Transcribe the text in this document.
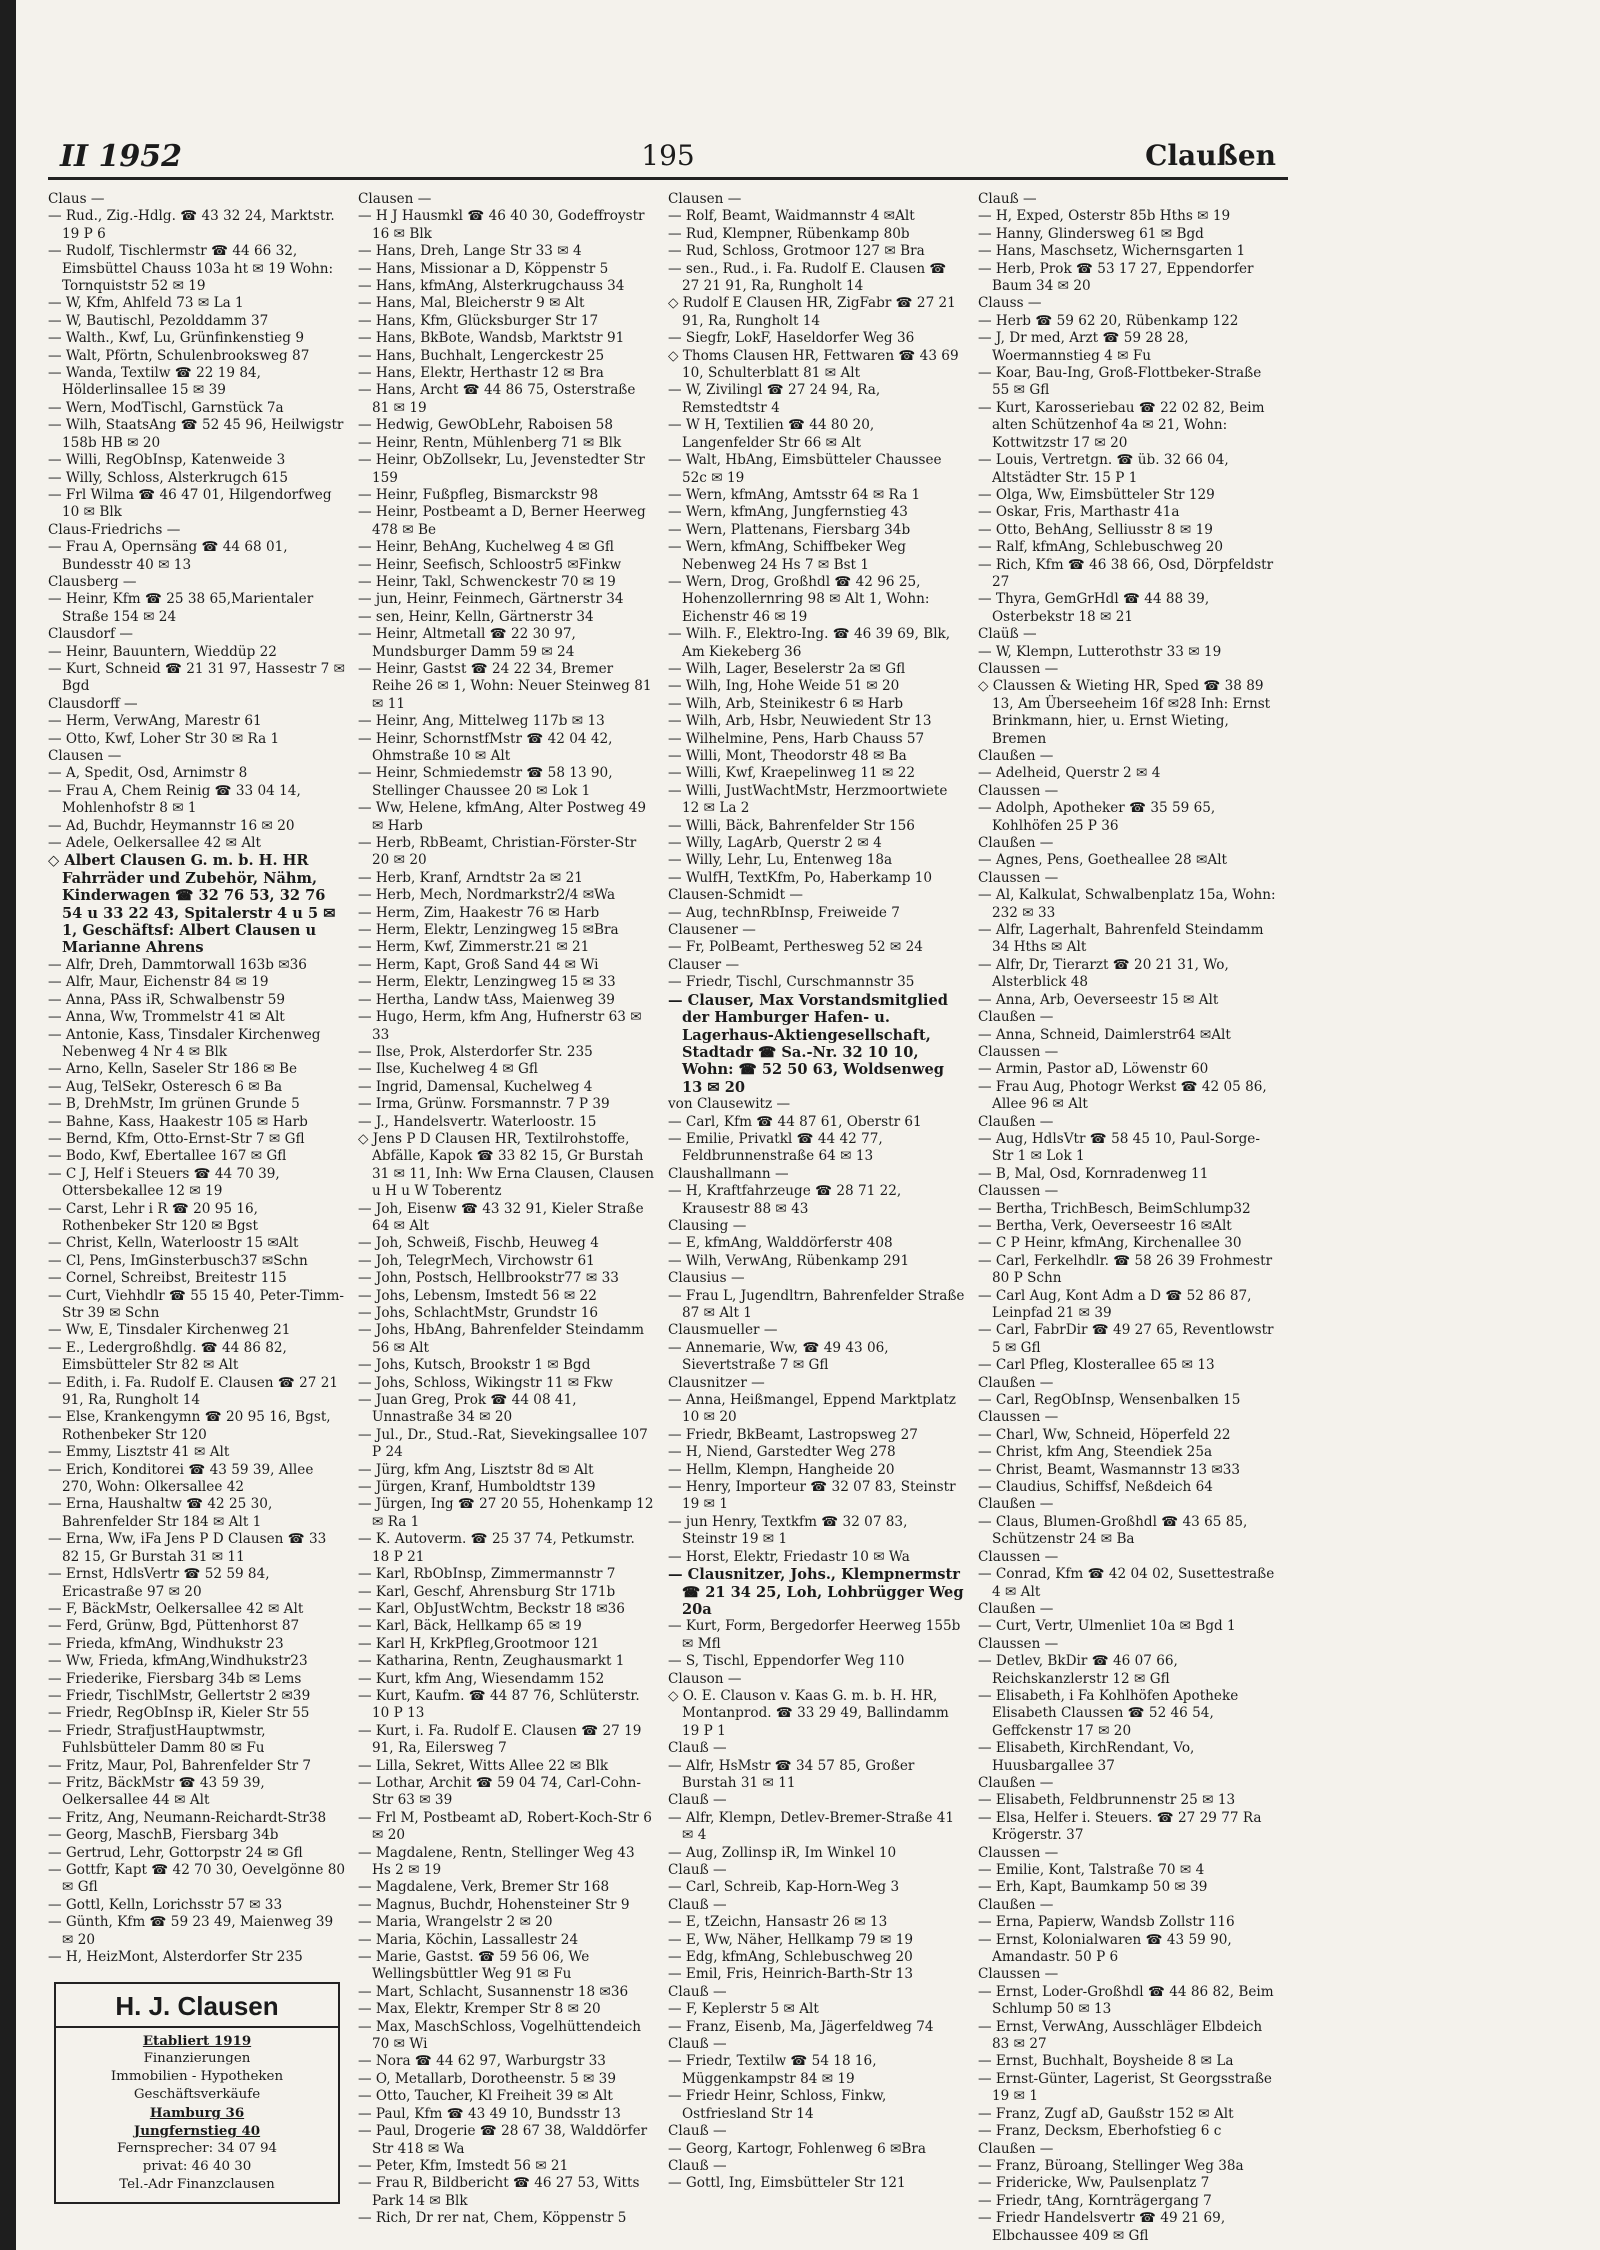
II 1952	195	Claußen
Claus —
— Rud., Zig.-Hdlg. ☎ 43 32 24, Marktstr. 19 P 6
— Rudolf, Tischlermstr ☎ 44 66 32, Eimsbüttel Chauss 103a ht ✉ 19 Wohn: Tornquiststr 52 ✉ 19
— W, Kfm, Ahlfeld 73 ✉ La 1
— W, Bautischl, Pezolddamm 37
— Walth., Kwf, Lu, Grünfinkenstieg 9
— Walt, Pförtn, Schulenbrooksweg 87
— Wanda, Textilw ☎ 22 19 84, Hölderlinsallee 15 ✉ 39
— Wern, ModTischl, Garnstück 7a
— Wilh, StaatsAng ☎ 52 45 96, Heilwigstr 158b HB ✉ 20
— Willi, RegObInsp, Katenweide 3
— Willy, Schloss, Alsterkrugch 615
— Frl Wilma ☎ 46 47 01, Hilgendorfweg 10 ✉ Blk
Claus-Friedrichs —
— Frau A, Opernsäng ☎ 44 68 01, Bundesstr 40 ✉ 13
Clausberg —
— Heinr, Kfm ☎ 25 38 65,Marientaler Straße 154 ✉ 24
Clausdorf —
— Heinr, Bauuntern, Wieddüp 22
— Kurt, Schneid ☎ 21 31 97, Hassestr 7 ✉ Bgd
Clausdorff —
— Herm, VerwAng, Marestr 61
— Otto, Kwf, Loher Str 30 ✉ Ra 1
Clausen —
— A, Spedit, Osd, Arnimstr 8
— Frau A, Chem Reinig ☎ 33 04 14, Mohlenhofstr 8 ✉ 1
— Ad, Buchdr, Heymannstr 16 ✉ 20
— Adele, Oelkersallee 42 ✉ Alt
◇ Albert Clausen G. m. b. H. HR Fahrräder und Zubehör, Nähm, Kinderwagen ☎ 32 76 53, 32 76 54 u 33 22 43, Spitalerstr 4 u 5 ✉ 1, Geschäftsf: Albert Clausen u Marianne Ahrens
— Alfr, Dreh, Dammtorwall 163b ✉36
— Alfr, Maur, Eichenstr 84 ✉ 19
— Anna, PAss iR, Schwalbenstr 59
— Anna, Ww, Trommelstr 41 ✉ Alt
— Antonie, Kass, Tinsdaler Kirchenweg Nebenweg 4 Nr 4 ✉ Blk
— Arno, Kelln, Saseler Str 186 ✉ Be
— Aug, TelSekr, Osteresch 6 ✉ Ba
— B, DrehMstr, Im grünen Grunde 5
— Bahne, Kass, Haakestr 105 ✉ Harb
— Bernd, Kfm, Otto-Ernst-Str 7 ✉ Gfl
— Bodo, Kwf, Ebertallee 167 ✉ Gfl
— C J, Helf i Steuers ☎ 44 70 39, Ottersbekallee 12 ✉ 19
— Carst, Lehr i R ☎ 20 95 16, Rothenbeker Str 120 ✉ Bgst
— Christ, Kelln, Waterloostr 15 ✉Alt
— Cl, Pens, ImGinsterbusch37 ✉Schn
— Cornel, Schreibst, Breitestr 115
— Curt, Viehhdlr ☎ 55 15 40, Peter-Timm-Str 39 ✉ Schn
— Ww, E, Tinsdaler Kirchenweg 21
— E., Ledergroßhdlg. ☎ 44 86 82, Eimsbütteler Str 82 ✉ Alt
— Edith, i. Fa. Rudolf E. Clausen ☎ 27 21 91, Ra, Rungholt 14
— Else, Krankengymn ☎ 20 95 16, Bgst, Rothenbeker Str 120
— Emmy, Lisztstr 41 ✉ Alt
— Erich, Konditorei ☎ 43 59 39, Allee 270, Wohn: Olkersallee 42
— Erna, Haushaltw ☎ 42 25 30, Bahrenfelder Str 184 ✉ Alt 1
— Erna, Ww, iFa Jens P D Clausen ☎ 33 82 15, Gr Burstah 31 ✉ 11
— Ernst, HdlsVertr ☎ 52 59 84, Ericastraße 97 ✉ 20
— F, BäckMstr, Oelkersallee 42 ✉ Alt
— Ferd, Grünw, Bgd, Püttenhorst 87
— Frieda, kfmAng, Windhukstr 23
— Ww, Frieda, kfmAng,Windhukstr23
— Friederike, Fiersbarg 34b ✉ Lems
— Friedr, TischlMstr, Gellertstr 2 ✉39
— Friedr, RegObInsp iR, Kieler Str 55
— Friedr, StrafjustHauptwmstr, Fuhlsbütteler Damm 80 ✉ Fu
— Fritz, Maur, Pol, Bahrenfelder Str 7
— Fritz, BäckMstr ☎ 43 59 39, Oelkersallee 44 ✉ Alt
— Fritz, Ang, Neumann-Reichardt-Str38
— Georg, MaschB, Fiersbarg 34b
— Gertrud, Lehr, Gottorpstr 24 ✉ Gfl
— Gottfr, Kapt ☎ 42 70 30, Oevelgönne 80 ✉ Gfl
— Gottl, Kelln, Lorichsstr 57 ✉ 33
— Günth, Kfm ☎ 59 23 49, Maienweg 39 ✉ 20
— H, HeizMont, Alsterdorfer Str 235
H. J. Clausen
Etabliert 1919
Finanzierungen
Immobilien - Hypotheken
Geschäftsverkäufe
Hamburg 36
Jungfernstieg 40
Fernsprecher: 34 07 94
privat: 46 40 30
Tel.-Adr Finanzclausen
Clausen —
— H J Hausmkl ☎ 46 40 30, Godeffroystr 16 ✉ Blk
— Hans, Dreh, Lange Str 33 ✉ 4
— Hans, Missionar a D, Köppenstr 5
— Hans, kfmAng, Alsterkrugchauss 34
— Hans, Mal, Bleicherstr 9 ✉ Alt
— Hans, Kfm, Glücksburger Str 17
— Hans, BkBote, Wandsb, Marktstr 91
— Hans, Buchhalt, Lengerckestr 25
— Hans, Elektr, Herthastr 12 ✉ Bra
— Hans, Archt ☎ 44 86 75, Osterstraße 81 ✉ 19
— Hedwig, GewObLehr, Raboisen 58
— Heinr, Rentn, Mühlenberg 71 ✉ Blk
— Heinr, ObZollsekr, Lu, Jevenstedter Str 159
— Heinr, Fußpfleg, Bismarckstr 98
— Heinr, Postbeamt a D, Berner Heerweg 478 ✉ Be
— Heinr, BehAng, Kuchelweg 4 ✉ Gfl
— Heinr, Seefisch, Schloostr5 ✉Finkw
— Heinr, Takl, Schwenckestr 70 ✉ 19
— jun, Heinr, Feinmech, Gärtnerstr 34
— sen, Heinr, Kelln, Gärtnerstr 34
— Heinr, Altmetall ☎ 22 30 97, Mundsburger Damm 59 ✉ 24
— Heinr, Gastst ☎ 24 22 34, Bremer Reihe 26 ✉ 1, Wohn: Neuer Steinweg 81 ✉ 11
— Heinr, Ang, Mittelweg 117b ✉ 13
— Heinr, SchornstfMstr ☎ 42 04 42, Ohmstraße 10 ✉ Alt
— Heinr, Schmiedemstr ☎ 58 13 90, Stellinger Chaussee 20 ✉ Lok 1
— Ww, Helene, kfmAng, Alter Postweg 49 ✉ Harb
— Herb, RbBeamt, Christian-Förster-Str 20 ✉ 20
— Herb, Kranf, Arndtstr 2a ✉ 21
— Herb, Mech, Nordmarkstr2/4 ✉Wa
— Herm, Zim, Haakestr 76 ✉ Harb
— Herm, Elektr, Lenzingweg 15 ✉Bra
— Herm, Kwf, Zimmerstr.21 ✉ 21
— Herm, Kapt, Groß Sand 44 ✉ Wi
— Herm, Elektr, Lenzingweg 15 ✉ 33
— Hertha, Landw tAss, Maienweg 39
— Hugo, Herm, kfm Ang, Hufnerstr 63 ✉ 33
— Ilse, Prok, Alsterdorfer Str. 235
— Ilse, Kuchelweg 4 ✉ Gfl
— Ingrid, Damensal, Kuchelweg 4
— Irma, Grünw. Forsmannstr. 7 P 39
— J., Handelsvertr. Waterloostr. 15
◇ Jens P D Clausen HR, Textilrohstoffe, Abfälle, Kapok ☎ 33 82 15, Gr Burstah 31 ✉ 11, Inh: Ww Erna Clausen, Clausen u H u W Toberentz
— Joh, Eisenw ☎ 43 32 91, Kieler Straße 64 ✉ Alt
— Joh, Schweiß, Fischb, Heuweg 4
— Joh, TelegrMech, Virchowstr 61
— John, Postsch, Hellbrookstr77 ✉ 33
— Johs, Lebensm, Imstedt 56 ✉ 22
— Johs, SchlachtMstr, Grundstr 16
— Johs, HbAng, Bahrenfelder Steindamm 56 ✉ Alt
— Johs, Kutsch, Brookstr 1 ✉ Bgd
— Johs, Schloss, Wikingstr 11 ✉ Fkw
— Juan Greg, Prok ☎ 44 08 41, Unnastraße 34 ✉ 20
— Jul., Dr., Stud.-Rat, Sievekingsallee 107 P 24
— Jürg, kfm Ang, Lisztstr 8d ✉ Alt
— Jürgen, Kranf, Humboldtstr 139
— Jürgen, Ing ☎ 27 20 55, Hohenkamp 12 ✉ Ra 1
— K. Autoverm. ☎ 25 37 74, Petkumstr. 18 P 21
— Karl, RbObInsp, Zimmermannstr 7
— Karl, Geschf, Ahrensburg Str 171b
— Karl, ObJustWchtm, Beckstr 18 ✉36
— Karl, Bäck, Hellkamp 65 ✉ 19
— Karl H, KrkPfleg,Grootmoor 121
— Katharina, Rentn, Zeughausmarkt 1
— Kurt, kfm Ang, Wiesendamm 152
— Kurt, Kaufm. ☎ 44 87 76, Schlüterstr. 10 P 13
— Kurt, i. Fa. Rudolf E. Clausen ☎ 27 19 91, Ra, Eilersweg 7
— Lilla, Sekret, Witts Allee 22 ✉ Blk
— Lothar, Archit ☎ 59 04 74, Carl-Cohn-Str 63 ✉ 39
— Frl M, Postbeamt aD, Robert-Koch-Str 6 ✉ 20
— Magdalene, Rentn, Stellinger Weg 43 Hs 2 ✉ 19
— Magdalene, Verk, Bremer Str 168
— Magnus, Buchdr, Hohensteiner Str 9
— Maria, Wrangelstr 2 ✉ 20
— Maria, Köchin, Lassallestr 24
— Marie, Gastst. ☎ 59 56 06, We Wellingsbüttler Weg 91 ✉ Fu
— Mart, Schlacht, Susannenstr 18 ✉36
— Max, Elektr, Kremper Str 8 ✉ 20
— Max, MaschSchloss, Vogelhüttendeich 70 ✉ Wi
— Nora ☎ 44 62 97, Warburgstr 33
— O, Metallarb, Dorotheenstr. 5 ✉ 39
— Otto, Taucher, Kl Freiheit 39 ✉ Alt
— Paul, Kfm ☎ 43 49 10, Bundsstr 13
— Paul, Drogerie ☎ 28 67 38, Walddörfer Str 418 ✉ Wa
— Peter, Kfm, Imstedt 56 ✉ 21
— Frau R, Bildbericht ☎ 46 27 53, Witts Park 14 ✉ Blk
— Rich, Dr rer nat, Chem, Köppenstr 5
Clausen —
— Rolf, Beamt, Waidmannstr 4 ✉Alt
— Rud, Klempner, Rübenkamp 80b
— Rud, Schloss, Grotmoor 127 ✉ Bra
— sen., Rud., i. Fa. Rudolf E. Clausen ☎ 27 21 91, Ra, Rungholt 14
◇ Rudolf E Clausen HR, ZigFabr ☎ 27 21 91, Ra, Rungholt 14
— Siegfr, LokF, Haseldorfer Weg 36
◇ Thoms Clausen HR, Fettwaren ☎ 43 69 10, Schulterblatt 81 ✉ Alt
— W, Zivilingl ☎ 27 24 94, Ra, Remstedtstr 4
— W H, Textilien ☎ 44 80 20, Langenfelder Str 66 ✉ Alt
— Walt, HbAng, Eimsbütteler Chaussee 52c ✉ 19
— Wern, kfmAng, Amtsstr 64 ✉ Ra 1
— Wern, kfmAng, Jungfernstieg 43
— Wern, Plattenans, Fiersbarg 34b
— Wern, kfmAng, Schiffbeker Weg Nebenweg 24 Hs 7 ✉ Bst 1
— Wern, Drog, Großhdl ☎ 42 96 25, Hohenzollernring 98 ✉ Alt 1, Wohn: Eichenstr 46 ✉ 19
— Wilh. F., Elektro-Ing. ☎ 46 39 69, Blk, Am Kiekeberg 36
— Wilh, Lager, Beselerstr 2a ✉ Gfl
— Wilh, Ing, Hohe Weide 51 ✉ 20
— Wilh, Arb, Steinikestr 6 ✉ Harb
— Wilh, Arb, Hsbr, Neuwiedent Str 13
— Wilhelmine, Pens, Harb Chauss 57
— Willi, Mont, Theodorstr 48 ✉ Ba
— Willi, Kwf, Kraepelinweg 11 ✉ 22
— Willi, JustWachtMstr, Herzmoortwiete 12 ✉ La 2
— Willi, Bäck, Bahrenfelder Str 156
— Willy, LagArb, Querstr 2 ✉ 4
— Willy, Lehr, Lu, Entenweg 18a
— WulfH, TextKfm, Po, Haberkamp 10
Clausen-Schmidt —
— Aug, technRbInsp, Freiweide 7
Clausener —
— Fr, PolBeamt, Perthesweg 52 ✉ 24
Clauser —
— Friedr, Tischl, Curschmannstr 35
— Clauser, Max Vorstandsmitglied der Hamburger Hafen- u. Lagerhaus-Aktiengesellschaft, Stadtadr ☎ Sa.-Nr. 32 10 10, Wohn: ☎ 52 50 63, Woldsenweg 13 ✉ 20
von Clausewitz —
— Carl, Kfm ☎ 44 87 61, Oberstr 61
— Emilie, Privatkl ☎ 44 42 77, Feldbrunnenstraße 64 ✉ 13
Claushallmann —
— H, Kraftfahrzeuge ☎ 28 71 22, Krausestr 88 ✉ 43
Clausing —
— E, kfmAng, Walddörferstr 408
— Wilh, VerwAng, Rübenkamp 291
Clausius —
— Frau L, Jugendltrn, Bahrenfelder Straße 87 ✉ Alt 1
Clausmueller —
— Annemarie, Ww, ☎ 49 43 06, Sievertstraße 7 ✉ Gfl
Clausnitzer —
— Anna, Heißmangel, Eppend Marktplatz 10 ✉ 20
— Friedr, BkBeamt, Lastropsweg 27
— H, Niend, Garstedter Weg 278
— Hellm, Klempn, Hangheide 20
— Henry, Importeur ☎ 32 07 83, Steinstr 19 ✉ 1
— jun Henry, Textkfm ☎ 32 07 83, Steinstr 19 ✉ 1
— Horst, Elektr, Friedastr 10 ✉ Wa
— Clausnitzer, Johs., Klempnermstr ☎ 21 34 25, Loh, Lohbrügger Weg 20a
— Kurt, Form, Bergedorfer Heerweg 155b ✉ Mfl
— S, Tischl, Eppendorfer Weg 110
Clauson —
◇ O. E. Clauson v. Kaas G. m. b. H. HR, Montanprod. ☎ 33 29 49, Ballindamm 19 P 1
Clauß —
— Alfr, HsMstr ☎ 34 57 85, Großer Burstah 31 ✉ 11
Clauß —
— Alfr, Klempn, Detlev-Bremer-Straße 41 ✉ 4
— Aug, Zollinsp iR, Im Winkel 10
Clauß —
— Carl, Schreib, Kap-Horn-Weg 3
Clauß —
— E, tZeichn, Hansastr 26 ✉ 13
— E, Ww, Näher, Hellkamp 79 ✉ 19
— Edg, kfmAng, Schlebuschweg 20
— Emil, Fris, Heinrich-Barth-Str 13
Clauß —
— F, Keplerstr 5 ✉ Alt
— Franz, Eisenb, Ma, Jägerfeldweg 74
Clauß —
— Friedr, Textilw ☎ 54 18 16, Müggenkampstr 84 ✉ 19
— Friedr Heinr, Schloss, Finkw, Ostfriesland Str 14
Clauß —
— Georg, Kartogr, Fohlenweg 6 ✉Bra
Clauß —
— Gottl, Ing, Eimsbütteler Str 121
Clauß —
— H, Exped, Osterstr 85b Hths ✉ 19
— Hanny, Glindersweg 61 ✉ Bgd
— Hans, Maschsetz, Wichernsgarten 1
— Herb, Prok ☎ 53 17 27, Eppendorfer Baum 34 ✉ 20
Clauss —
— Herb ☎ 59 62 20, Rübenkamp 122
— J, Dr med, Arzt ☎ 59 28 28, Woermannstieg 4 ✉ Fu
— Koar, Bau-Ing, Groß-Flottbeker-Straße 55 ✉ Gfl
— Kurt, Karosseriebau ☎ 22 02 82, Beim alten Schützenhof 4a ✉ 21, Wohn: Kottwitzstr 17 ✉ 20
— Louis, Vertretgn. ☎ üb. 32 66 04, Altstädter Str. 15 P 1
— Olga, Ww, Eimsbütteler Str 129
— Oskar, Fris, Marthastr 41a
— Otto, BehAng, Selliusstr 8 ✉ 19
— Ralf, kfmAng, Schlebuschweg 20
— Rich, Kfm ☎ 46 38 66, Osd, Dörpfeldstr 27
— Thyra, GemGrHdl ☎ 44 88 39, Osterbekstr 18 ✉ 21
Claüß —
— W, Klempn, Lutterothstr 33 ✉ 19
Claussen —
◇ Claussen & Wieting HR, Sped ☎ 38 89 13, Am Überseeheim 16f ✉28 Inh: Ernst Brinkmann, hier, u. Ernst Wieting, Bremen
Claußen —
— Adelheid, Querstr 2 ✉ 4
Claussen —
— Adolph, Apotheker ☎ 35 59 65, Kohlhöfen 25 P 36
Claußen —
— Agnes, Pens, Goetheallee 28 ✉Alt
Claussen —
— Al, Kalkulat, Schwalbenplatz 15a, Wohn: 232 ✉ 33
— Alfr, Lagerhalt, Bahrenfeld Steindamm 34 Hths ✉ Alt
— Alfr, Dr, Tierarzt ☎ 20 21 31, Wo, Alsterblick 48
— Anna, Arb, Oeverseestr 15 ✉ Alt
Claußen —
— Anna, Schneid, Daimlerstr64 ✉Alt
Claussen —
— Armin, Pastor aD, Löwenstr 60
— Frau Aug, Photogr Werkst ☎ 42 05 86, Allee 96 ✉ Alt
Claußen —
— Aug, HdlsVtr ☎ 58 45 10, Paul-Sorge-Str 1 ✉ Lok 1
— B, Mal, Osd, Kornradenweg 11
Claussen —
— Bertha, TrichBesch, BeimSchlump32
— Bertha, Verk, Oeverseestr 16 ✉Alt
— C P Heinr, kfmAng, Kirchenallee 30
— Carl, Ferkelhdlr. ☎ 58 26 39 Frohmestr 80 P Schn
— Carl Aug, Kont Adm a D ☎ 52 86 87, Leinpfad 21 ✉ 39
— Carl, FabrDir ☎ 49 27 65, Reventlowstr 5 ✉ Gfl
— Carl Pfleg, Klosterallee 65 ✉ 13
Claußen —
— Carl, RegObInsp, Wensenbalken 15
Claussen —
— Charl, Ww, Schneid, Höperfeld 22
— Christ, kfm Ang, Steendiek 25a
— Christ, Beamt, Wasmannstr 13 ✉33
— Claudius, Schiffsf, Neßdeich 64
Claußen —
— Claus, Blumen-Großhdl ☎ 43 65 85, Schützenstr 24 ✉ Ba
Claussen —
— Conrad, Kfm ☎ 42 04 02, Susettestraße 4 ✉ Alt
Claußen —
— Curt, Vertr, Ulmenliet 10a ✉ Bgd 1
Claussen —
— Detlev, BkDir ☎ 46 07 66, Reichskanzlerstr 12 ✉ Gfl
— Elisabeth, i Fa Kohlhöfen Apotheke Elisabeth Claussen ☎ 52 46 54, Geffckenstr 17 ✉ 20
— Elisabeth, KirchRendant, Vo, Huusbargallee 37
Claußen —
— Elisabeth, Feldbrunnenstr 25 ✉ 13
— Elsa, Helfer i. Steuers. ☎ 27 29 77 Ra Krögerstr. 37
Claussen —
— Emilie, Kont, Talstraße 70 ✉ 4
— Erh, Kapt, Baumkamp 50 ✉ 39
Claußen —
— Erna, Papierw, Wandsb Zollstr 116
— Ernst, Kolonialwaren ☎ 43 59 90, Amandastr. 50 P 6
Claussen —
— Ernst, Loder-Großhdl ☎ 44 86 82, Beim Schlump 50 ✉ 13
— Ernst, VerwAng, Ausschläger Elbdeich 83 ✉ 27
— Ernst, Buchhalt, Boysheide 8 ✉ La
— Ernst-Günter, Lagerist, St Georgsstraße 19 ✉ 1
— Franz, Zugf aD, Gaußstr 152 ✉ Alt
— Franz, Decksm, Eberhofstieg 6 c
Claußen —
— Franz, Büroang, Stellinger Weg 38a
— Fridericke, Ww, Paulsenplatz 7
— Friedr, tAng, Kornträgergang 7
— Friedr Handelsvertr ☎ 49 21 69, Elbchaussee 409 ✉ Gfl
